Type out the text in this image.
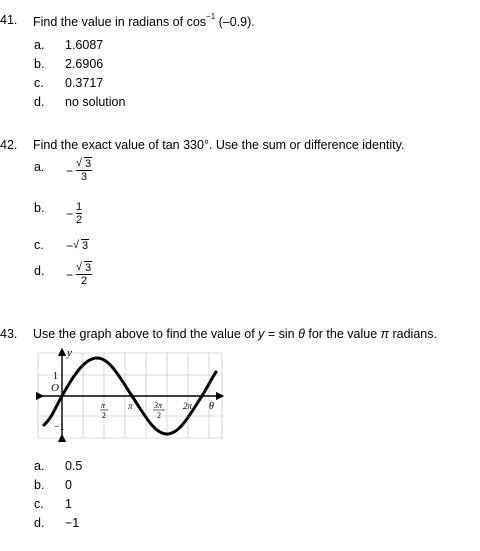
41. Find the value in radians of $\cos^{-1} (-0.9)$.
a. 1.6087
b. 2.6906
c. 0.3717
d. no solution
42. Find the exact value of tan 330°. Use the sum or difference identity.
a. − $\frac{√ 3}{3}$
b. − $\frac{1}{2}$
c. − √ 3
d. − $\frac{√ 3}{2}$
43. Use the graph above to find the value of y = sin θ for the value π radians.
y
O
1
−1
π
2
π	3π
2
2π θ
a. 0.5
b. 0
c. 1
d. −1
